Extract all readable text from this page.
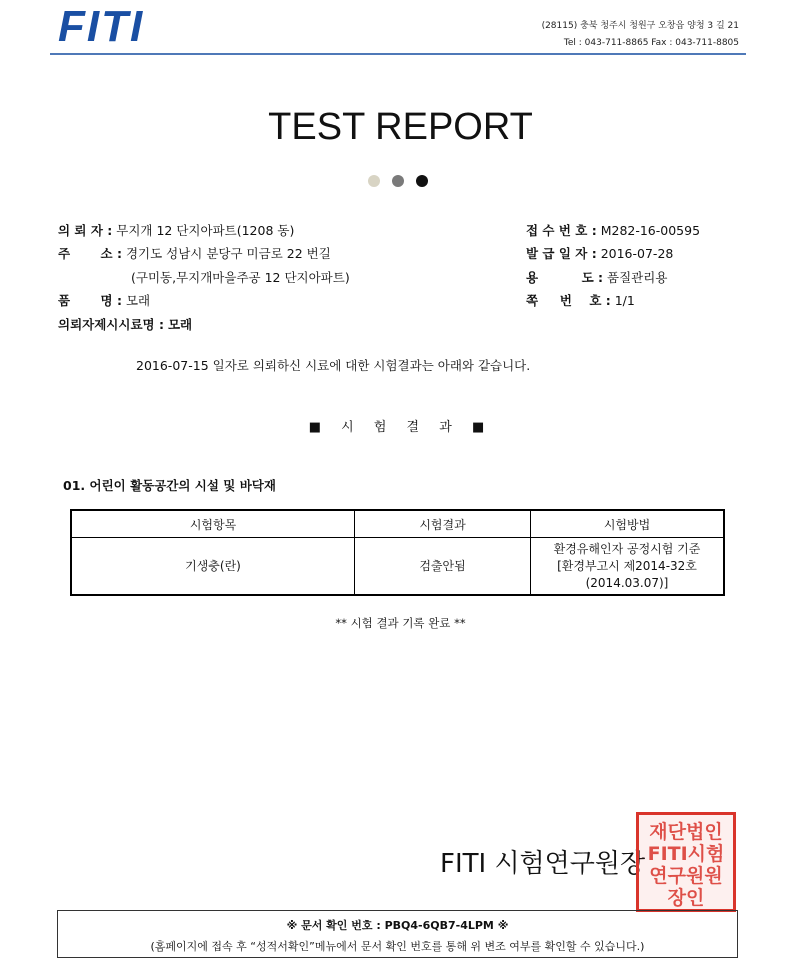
FITI	(28115) 충북 청주시 청원구 오창읍 양청 3 길 21
Tel : 043-711-8865 Fax : 043-711-8805
TEST REPORT
의 뢰 자 : 무지개 12 단지아파트(1208 동)
주       소 : 경기도 성남시 분당구 미금로 22 번길
(구미동,무지개마을주공 12 단지아파트)
품       명 : 모래
의뢰자제시시료명 : 모래
접 수 번 호 : M282-16-00595
발 급 일 자 : 2016-07-28
용          도 : 품질관리용
쪽     번    호 : 1/1
2016-07-15 일자로 의뢰하신 시료에 대한 시험결과는 아래와 같습니다.
■ 시 험 결 과 ■
01. 어린이 활동공간의 시설 및 바닥재
시험항목	시험결과	시험방법
기생충(란)	검출안됨	환경유해인자 공정시험 기준
[환경부고시 제2014-32호
(2014.03.07)]
** 시험 결과 기록 완료 **
FITI 시험연구원장
재단법인FITI시험연구원원장인
※ 문서 확인 번호 : PBQ4-6QB7-4LPM ※
(홈페이지에 접속 후 “성적서확인”메뉴에서 문서 확인 번호를 통해 위 변조 여부를 확인할 수 있습니다.)
